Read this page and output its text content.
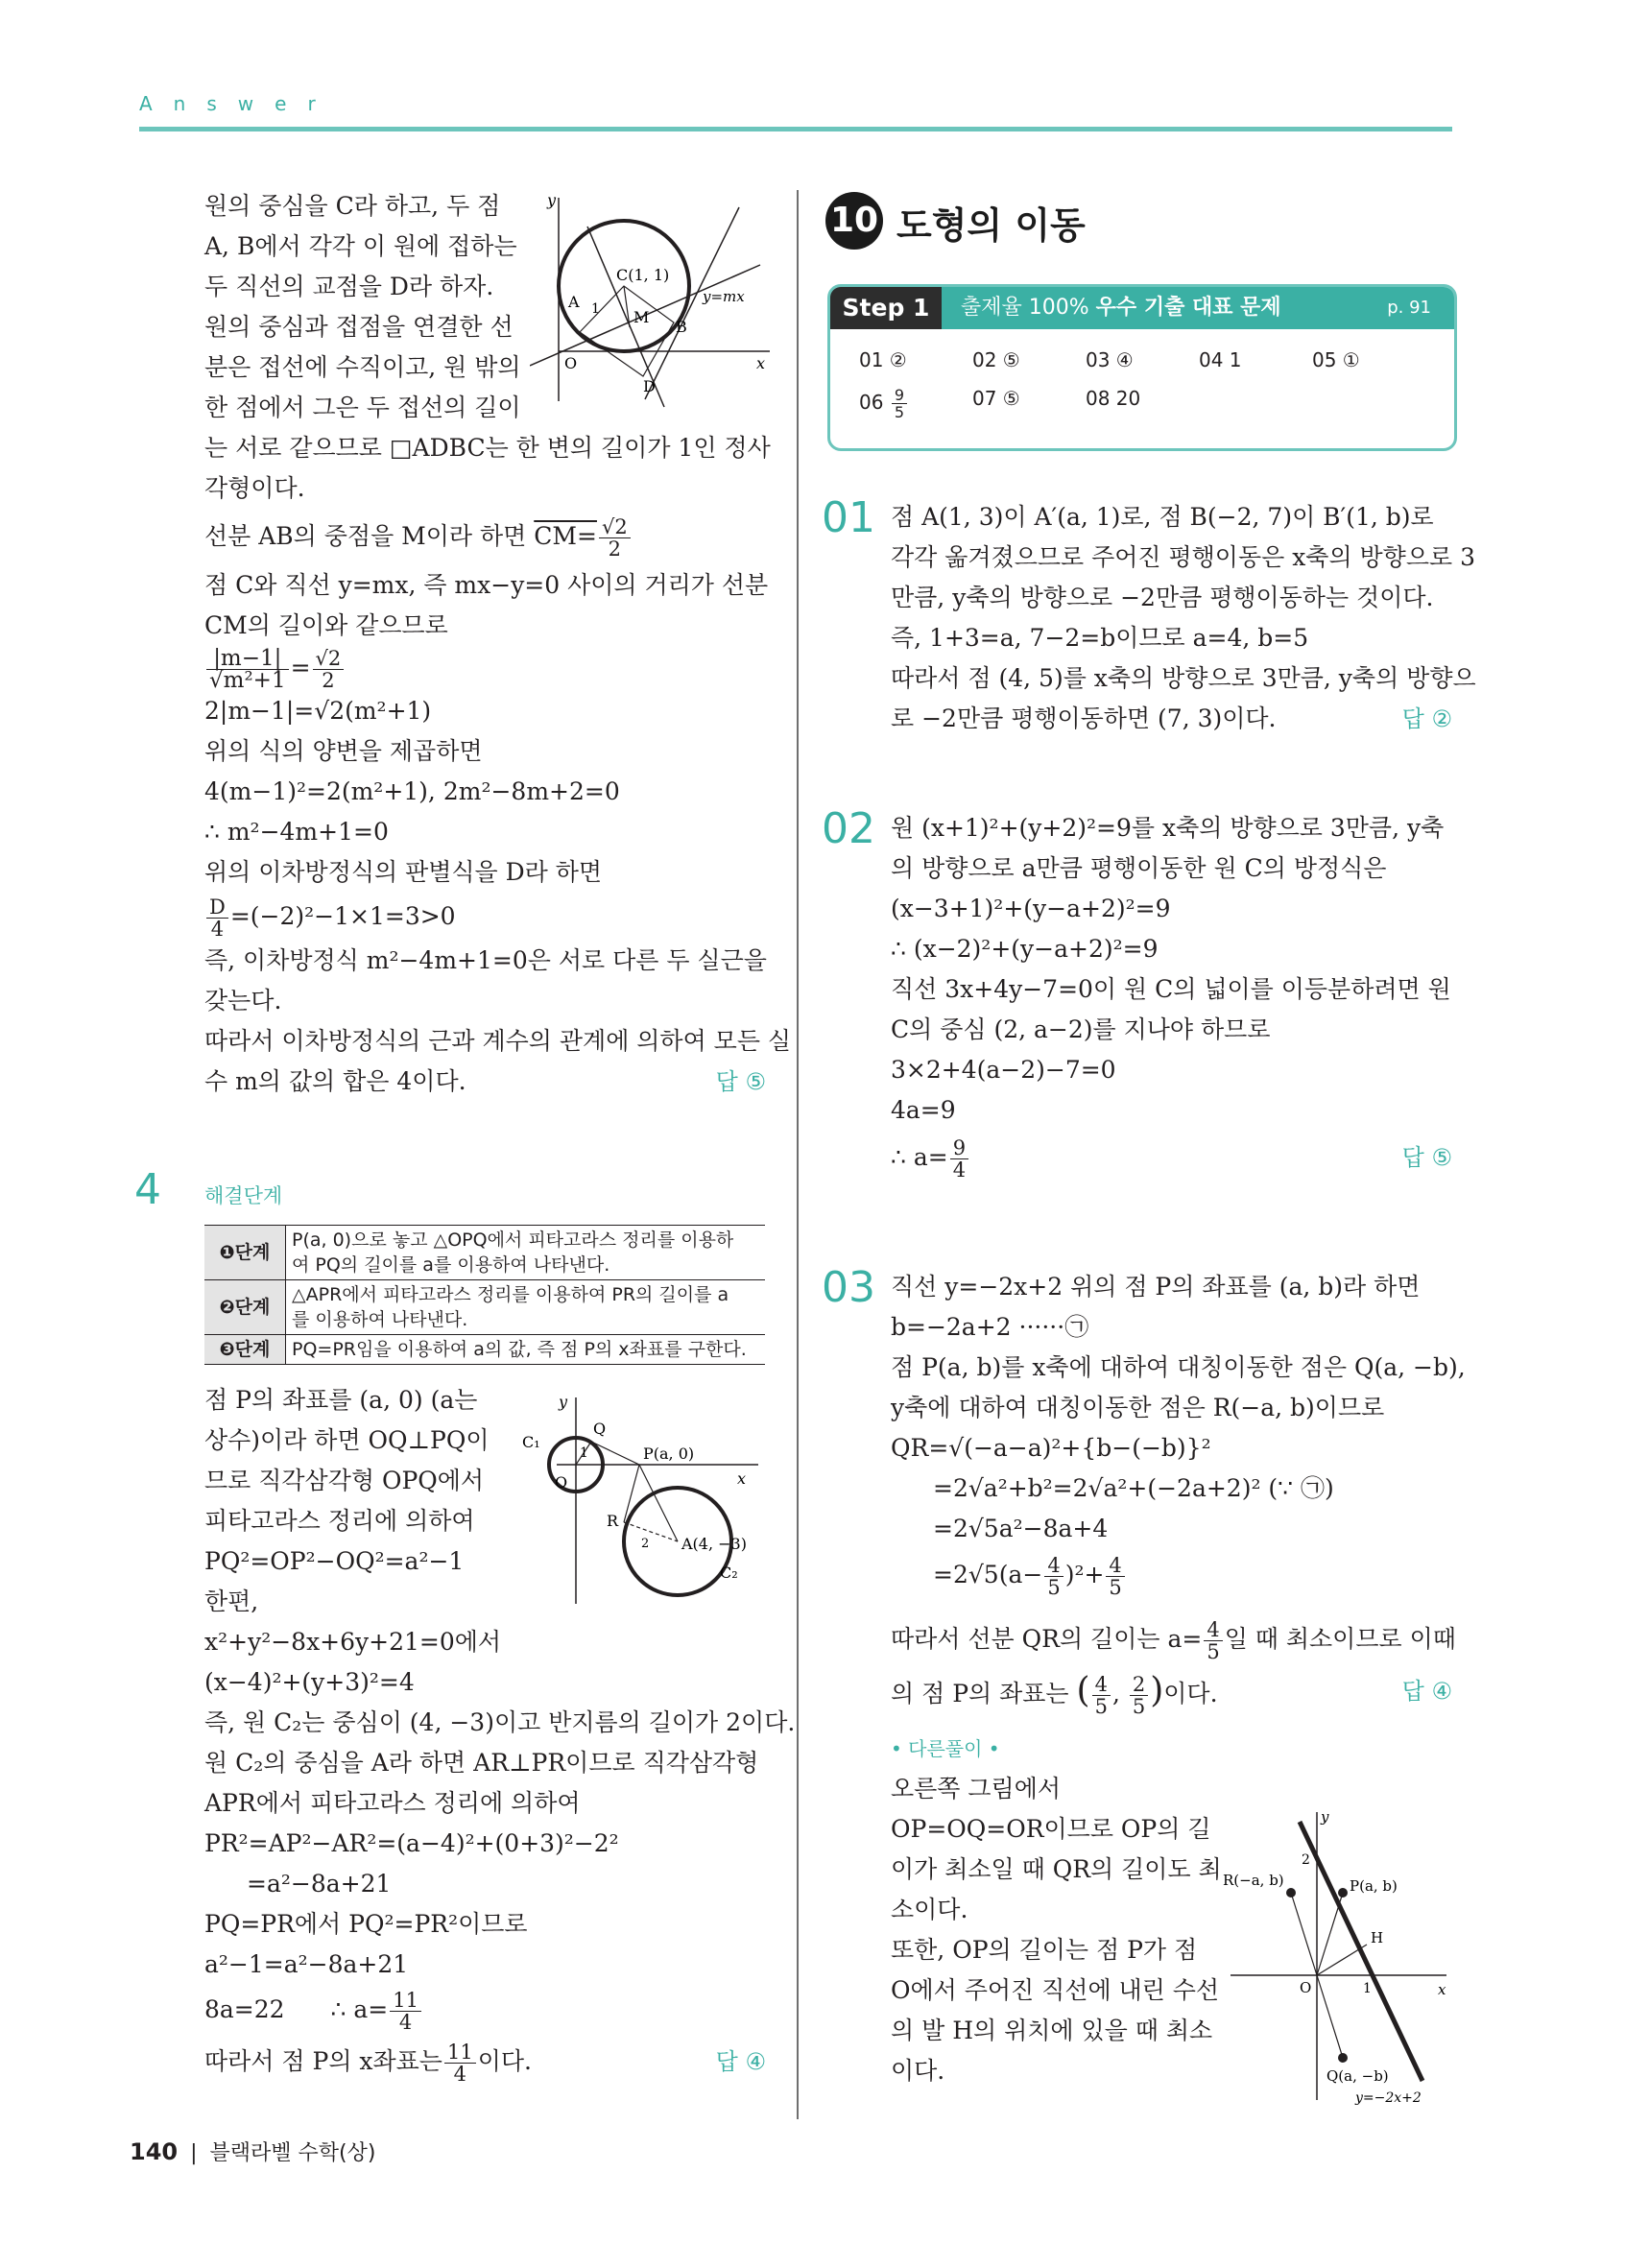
Answer
원의 중심을 C라 하고, 두 점
A, B에서 각각 이 원에 접하는
두 직선의 교점을 D라 하자.
원의 중심과 접점을 연결한 선
분은 접선에 수직이고, 원 밖의
한 점에서 그은 두 접선의 길이
는 서로 같으므로 □ADBC는 한 변의 길이가 1인 정사
각형이다.
선분 AB의 중점을 M이라 하면 $CM= \frac{√2}{2}$
점 C와 직선 y=mx, 즉 mx−y=0 사이의 거리가 선분
CM의 길이와 같으므로
$\frac{|m-1|}{\text{√m²+1}} = \frac{√2}{2}$
2|m−1|=√2(m²+1)
위의 식의 양변을 제곱하면
4(m−1)²=2(m²+1), 2m²−8m+2=0
∴ m²−4m+1=0
위의 이차방정식의 판별식을 D라 하면
$\frac{D}{4} =(-2)^2-1\times 1=3>0$
즉, 이차방정식 m²−4m+1=0은 서로 다른 두 실근을
갖는다.
따라서 이차방정식의 근과 계수의 관계에 의하여 모든 실
수 m의 값의 합은 4이다.	답 ⑤
y
x
C(1, 1)
A
B
M
D
O
1
y=mx
4 해결단계
❶단계	P(a, 0)으로 놓고 △OPQ에서 피타고라스 정리를 이용하
여 PQ의 길이를 a를 이용하여 나타낸다.

❷단계	△APR에서 피타고라스 정리를 이용하여 PR의 길이를 a
를 이용하여 나타낸다.

❸단계	PQ=PR임을 이용하여 a의 값, 즉 점 P의 x좌표를 구한다.
점 P의 좌표를 (a, 0) (a는
상수)이라 하면 OQ⊥PQ이
므로 직각삼각형 OPQ에서
피타고라스 정리에 의하여
PQ²=OP²−OQ²=a²−1
한편,
x²+y²−8x+6y+21=0에서
(x−4)²+(y+3)²=4
즉, 원 C₂는 중심이 (4, −3)이고 반지름의 길이가 2이다.
원 C₂의 중심을 A라 하면 AR⊥PR이므로 직각삼각형
APR에서 피타고라스 정리에 의하여
PR²=AP²−AR²=(a−4)²+(0+3)²−2²
=a²−8a+21
PQ=PR에서 PQ²=PR²이므로
a²−1=a²−8a+21
8a=22 ∴ $a= \frac{11}{4}$
따라서 점 P의 x좌표는 $\frac{11}{4}$ 이다.	답 ④
y
x
C₁
Q
O
1	P(a, 0)
R
2 A(4, −3)
C₂
10 도형의 이동
Step 1	출제율 100% 우수 기출 대표 문제	p. 91
01 ②	02 ⑤	03 ④	04 1	05 ①
$06 \frac{9}{5}$	07 ⑤	08 20
01 점 A(1, 3)이 A′(a, 1)로, 점 B(−2, 7)이 B′(1, b)로
각각 옮겨졌으므로 주어진 평행이동은 x축의 방향으로 3
만큼, y축의 방향으로 −2만큼 평행이동하는 것이다.
즉, 1+3=a, 7−2=b이므로 a=4, b=5
따라서 점 (4, 5)를 x축의 방향으로 3만큼, y축의 방향으
로 −2만큼 평행이동하면 (7, 3)이다.	답 ②
02 원 (x+1)²+(y+2)²=9를 x축의 방향으로 3만큼, y축
의 방향으로 a만큼 평행이동한 원 C의 방정식은
(x−3+1)²+(y−a+2)²=9
∴ (x−2)²+(y−a+2)²=9
직선 3x+4y−7=0이 원 C의 넓이를 이등분하려면 원
C의 중심 (2, a−2)를 지나야 하므로
3×2+4(a−2)−7=0
4a=9
∴ $a= \frac{9}{4}$	답 ⑤
03 직선 y=−2x+2 위의 점 P의 좌표를 (a, b)라 하면
b=−2a+2 ······㉠
점 P(a, b)를 x축에 대하여 대칭이동한 점은 Q(a, −b),
y축에 대하여 대칭이동한 점은 R(−a, b)이므로
QR=√(−a−a)²+{b−(−b)}²
=2√a²+b²=2√a²+(−2a+2)² (∵ ㉠)
=2√5a²−8a+4
$=2√5(a- \frac{4}{5} )^2+ \frac{4}{5}$
따라서 선분 QR의 길이는 $a= \frac{4}{5}$ 일 때 최소이므로 이때
의 점 P의 좌표는 ( $\frac{4}{5}$ , $\frac{2}{5}$ )이다.	답 ④
• 다른풀이 •
오른쪽 그림에서
OP=OQ=OR이므로 OP의 길
이가 최소일 때 QR의 길이도 최
소이다.
또한, OP의 길이는 점 P가 점
O에서 주어진 직선에 내린 수선
의 발 H의 위치에 있을 때 최소
이다.
y
x
2
R(−a, b)	P(a, b)
H
O	1
Q(a, −b)
y=−2x+2
140 | 블랙라벨 수학(상)
